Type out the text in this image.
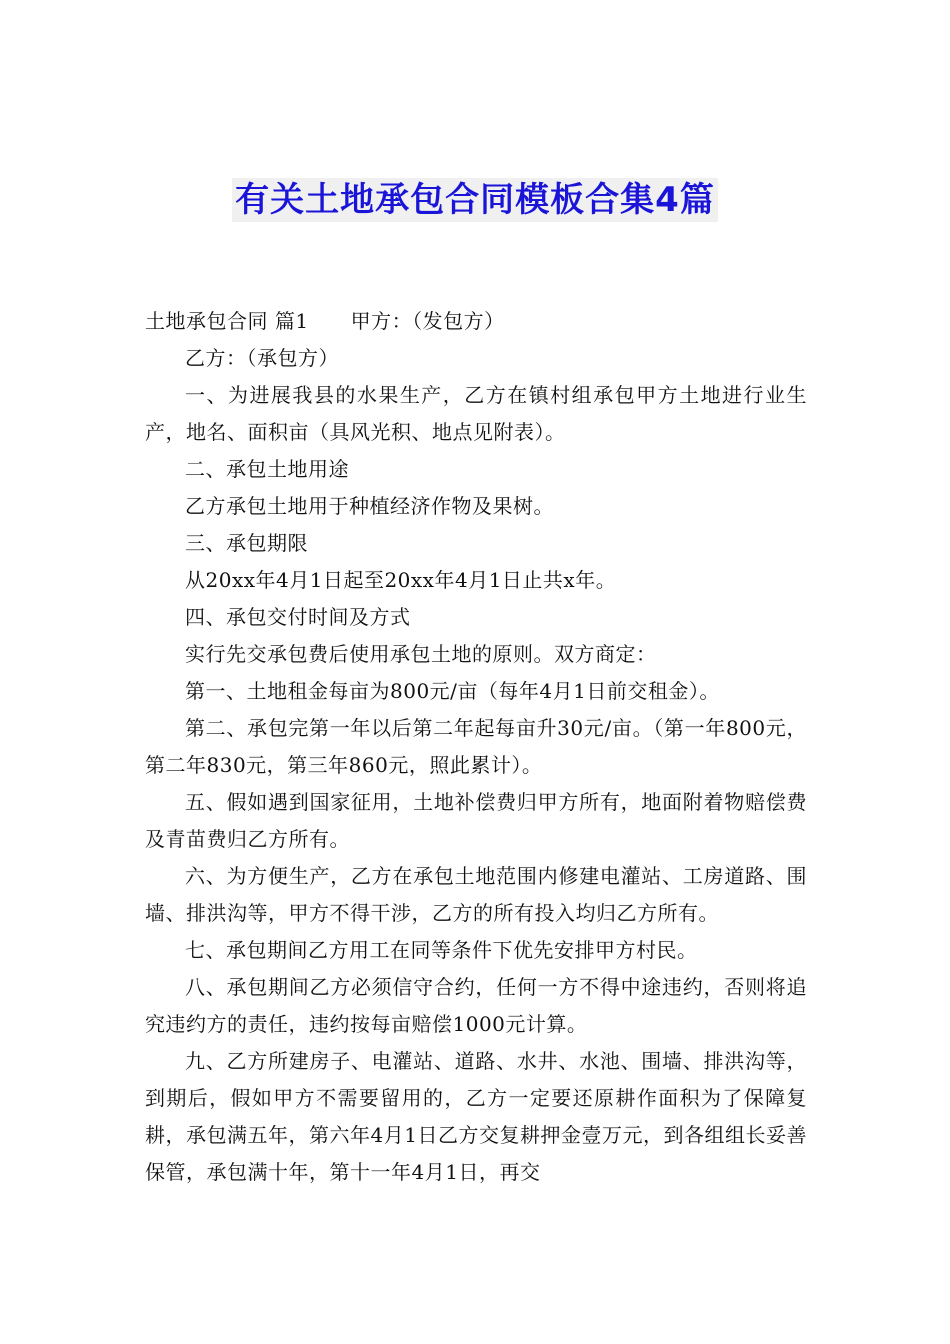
有关土地承包合同模板合集4篇

土地承包合同 篇1 甲方：（发包方）

乙方：（承包方）

一、为进展我县的水果生产，乙方在镇村组承包甲方土地进行业生产，地名、面积亩（具风光积、地点见附表）。

二、承包土地用途

乙方承包土地用于种植经济作物及果树。

三、承包期限

从20xx年4月1日起至20xx年4月1日止共x年。

四、承包交付时间及方式

实行先交承包费后使用承包土地的原则。双方商定：

第一、土地租金每亩为800元/亩（每年4月1日前交租金）。

第二、承包完第一年以后第二年起每亩升30元/亩。（第一年800元，第二年830元，第三年860元，照此累计）。

五、假如遇到国家征用，土地补偿费归甲方所有，地面附着物赔偿费及青苗费归乙方所有。

六、为方便生产，乙方在承包土地范围内修建电灌站、工房道路、围墙、排洪沟等，甲方不得干涉，乙方的所有投入均归乙方所有。

七、承包期间乙方用工在同等条件下优先安排甲方村民。

八、承包期间乙方必须信守合约，任何一方不得中途违约，否则将追究违约方的责任，违约按每亩赔偿1000元计算。

九、乙方所建房子、电灌站、道路、水井、水池、围墙、排洪沟等，到期后，假如甲方不需要留用的，乙方一定要还原耕作面积为了保障复耕，承包满五年，第六年4月1日乙方交复耕押金壹万元，到各组组长妥善保管，承包满十年，第十一年4月1日，再交
